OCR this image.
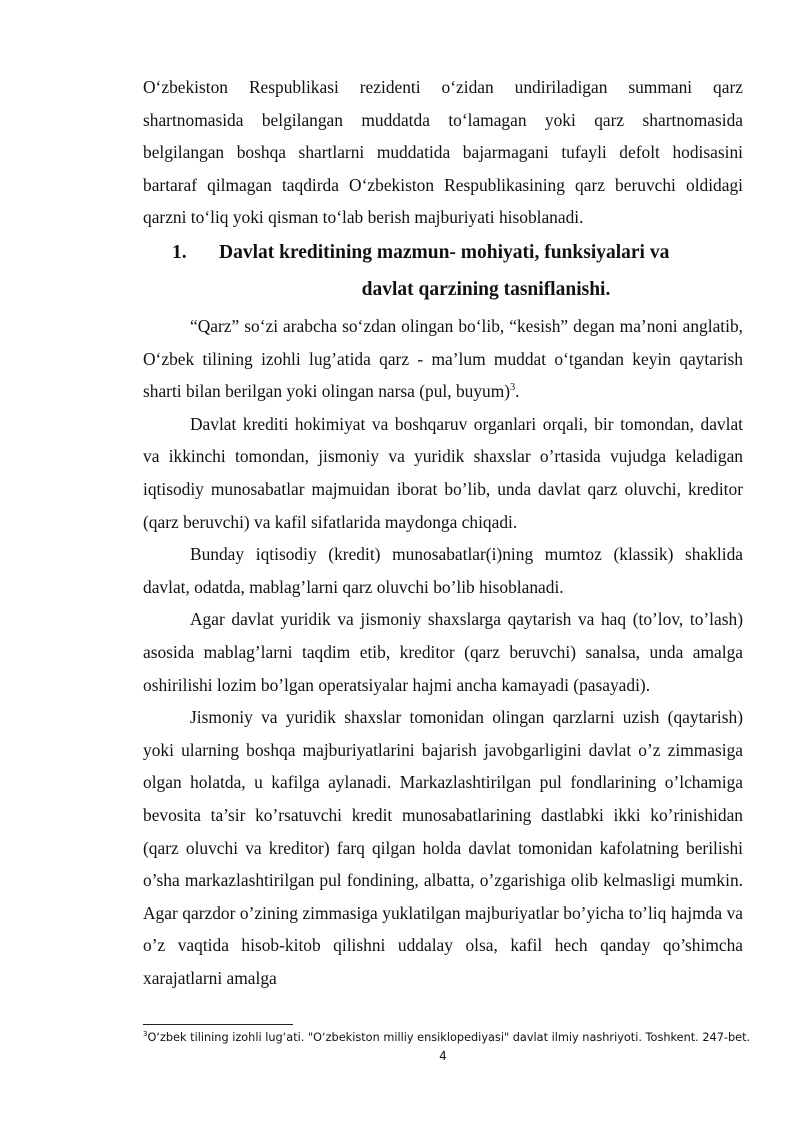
O‘zbekiston Respublikasi rezidenti o‘zidan undiriladigan summani qarz shartnomasida belgilangan muddatda to‘lamagan yoki qarz shartnomasida belgilangan boshqa shartlarni muddatida bajarmagani tufayli defolt hodisasini bartaraf qilmagan taqdirda O‘zbekiston Respublikasining qarz beruvchi oldidagi qarzni to‘liq yoki qisman to‘lab berish majburiyati hisoblanadi.
1.	Davlat kreditining mazmun- mohiyati, funksiyalari va
davlat qarzining tasniflanishi.

“Qarz” so‘zi arabcha so‘zdan olingan bo‘lib, “kesish” degan ma’noni anglatib, O‘zbek tilining izohli lug’atida qarz - ma’lum muddat o‘tgandan keyin qaytarish sharti bilan berilgan yoki olingan narsa (pul, buyum)$^3$.

Davlat krediti hokimiyat va boshqaruv organlari orqali, bir tomondan, davlat va ikkinchi tomondan, jismoniy va yuridik shaxslar o’rtasida vujudga keladigan iqtisodiy munosabatlar majmuidan iborat bo’lib, unda davlat qarz oluvchi, kreditor (qarz beruvchi) va kafil sifatlarida maydonga chiqadi.

Bunday iqtisodiy (kredit) munosabatlar(i)ning mumtoz (klassik) shaklida davlat, odatda, mablag’larni qarz oluvchi bo’lib hisoblanadi.

Agar davlat yuridik va jismoniy shaxslarga qaytarish va haq (to’lov, to’lash) asosida mablag’larni taqdim etib, kreditor (qarz beruvchi) sanalsa, unda amalga oshirilishi lozim bo’lgan operatsiyalar hajmi ancha kamayadi (pasayadi).

Jismoniy va yuridik shaxslar tomonidan olingan qarzlarni uzish (qaytarish) yoki ularning boshqa majburiyatlarini bajarish javobgarligini davlat o’z zimmasiga olgan holatda, u kafilga aylanadi. Markazlashtirilgan pul fondlarining o’lchamiga bevosita ta’sir ko’rsatuvchi kredit munosabatlarining dastlabki ikki ko’rinishidan (qarz oluvchi va kreditor) farq qilgan holda davlat tomonidan kafolatning berilishi o’sha markazlashtirilgan pul fondining, albatta, o’zgarishiga olib kelmasligi mumkin. Agar qarzdor o’zining zimmasiga yuklatilgan majburiyatlar bo’yicha to’liq hajmda va o’z vaqtida hisob-kitob qilishni uddalay olsa, kafil hech qanday qo’shimcha xarajatlarni amalga

$^3$O‘zbek tilining izohli lug‘ati. "O‘zbekiston milliy ensiklopediyasi" davlat ilmiy nashriyoti. Toshkent. 247-bet.
4
